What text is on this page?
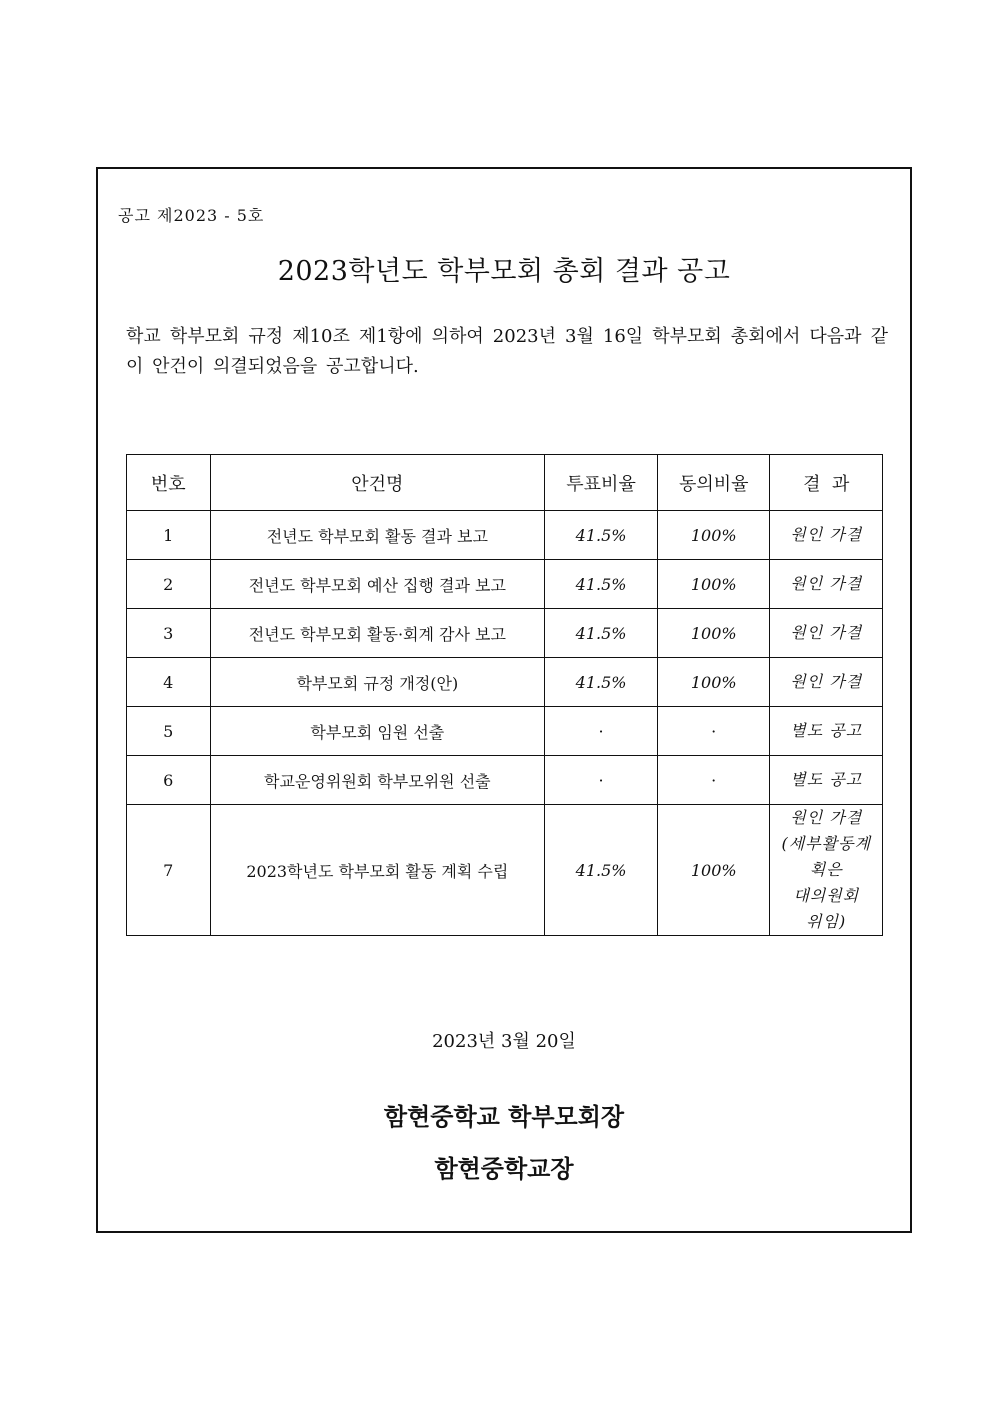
공고 제2023 - 5호
2023학년도 학부모회 총회 결과 공고
학교 학부모회 규정 제10조 제1항에 의하여 2023년 3월 16일 학부모회 총회에서 다음과 같이 안건이 의결되었음을 공고합니다.
번호	안건명	투표비율	동의비율	결  과
1	전년도 학부모회 활동 결과 보고	41.5%	100%	원인 가결
2	전년도 학부모회 예산 집행 결과 보고	41.5%	100%	원인 가결
3	전년도 학부모회 활동·회계 감사 보고	41.5%	100%	원인 가결
4	학부모회 규정 개정(안)	41.5%	100%	원인 가결
5	학부모회 임원 선출	·	·	별도 공고
6	학교운영위원회 학부모위원 선출	·	·	별도 공고
7	2023학년도 학부모회 활동 계획 수립	41.5%	100%	원인 가결
(세부활동계
획은
대의원회
위임)
2023년 3월 20일
함현중학교 학부모회장
함현중학교장
